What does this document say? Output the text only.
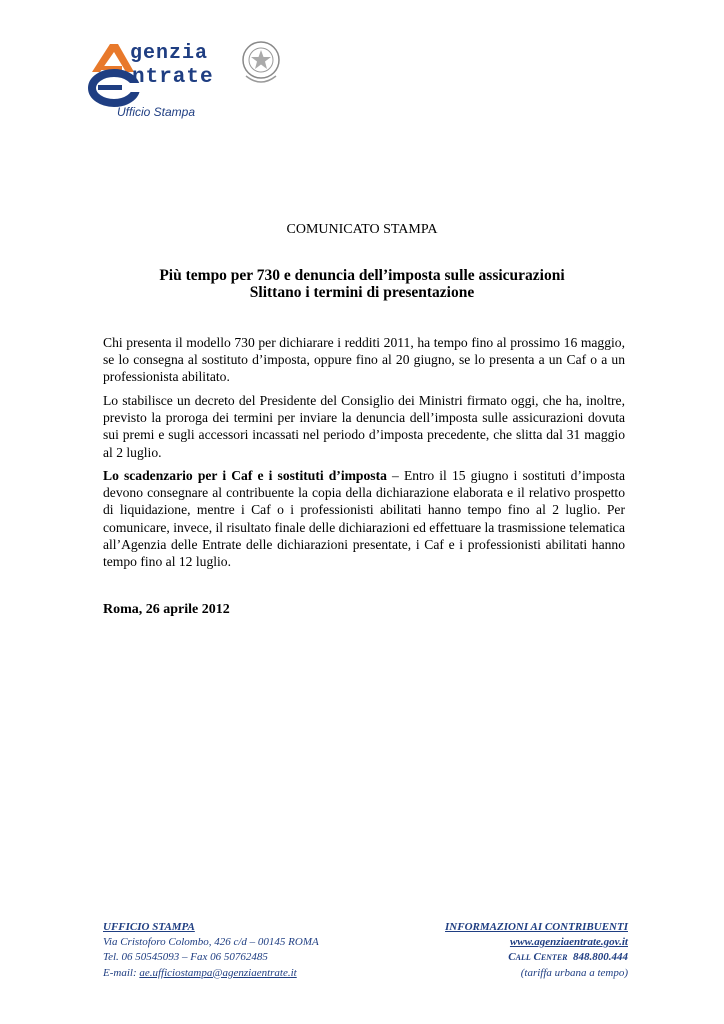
genzia
ntrate
Ufficio Stampa
COMUNICATO STAMPA
Più tempo per 730 e denuncia dell’imposta sulle assicurazioni
Slittano i termini di presentazione
Chi presenta il modello 730 per dichiarare i redditi 2011, ha tempo fino al prossimo 16 maggio, se lo consegna al sostituto d’imposta, oppure fino al 20 giugno, se lo presenta a un Caf o a un professionista abilitato.
Lo stabilisce un decreto del Presidente del Consiglio dei Ministri firmato oggi, che ha, inoltre, previsto la proroga dei termini per inviare la denuncia dell’imposta sulle assicurazioni dovuta sui premi e sugli accessori incassati nel periodo d’imposta precedente, che slitta dal 31 maggio al 2 luglio.
Lo scadenzario per i Caf e i sostituti d’imposta – Entro il 15 giugno i sostituti d’imposta devono consegnare al contribuente la copia della dichiarazione elaborata e il relativo prospetto di liquidazione, mentre i Caf o i professionisti abilitati hanno tempo fino al 2 luglio. Per comunicare, invece, il risultato finale delle dichiarazioni ed effettuare la trasmissione telematica all’Agenzia delle Entrate delle dichiarazioni presentate, i Caf e i professionisti abilitati hanno tempo fino al 12 luglio.
Roma, 26 aprile 2012
UFFICIO STAMPA
Via Cristoforo Colombo, 426 c/d – 00145 ROMA
Tel. 06 50545093 – Fax 06 50762485
E-mail: ae.ufficiostampa@agenziaentrate.it
INFORMAZIONI AI CONTRIBUENTI
www.agenziaentrate.gov.it
Call Center 848.800.444
(tariffa urbana a tempo)
